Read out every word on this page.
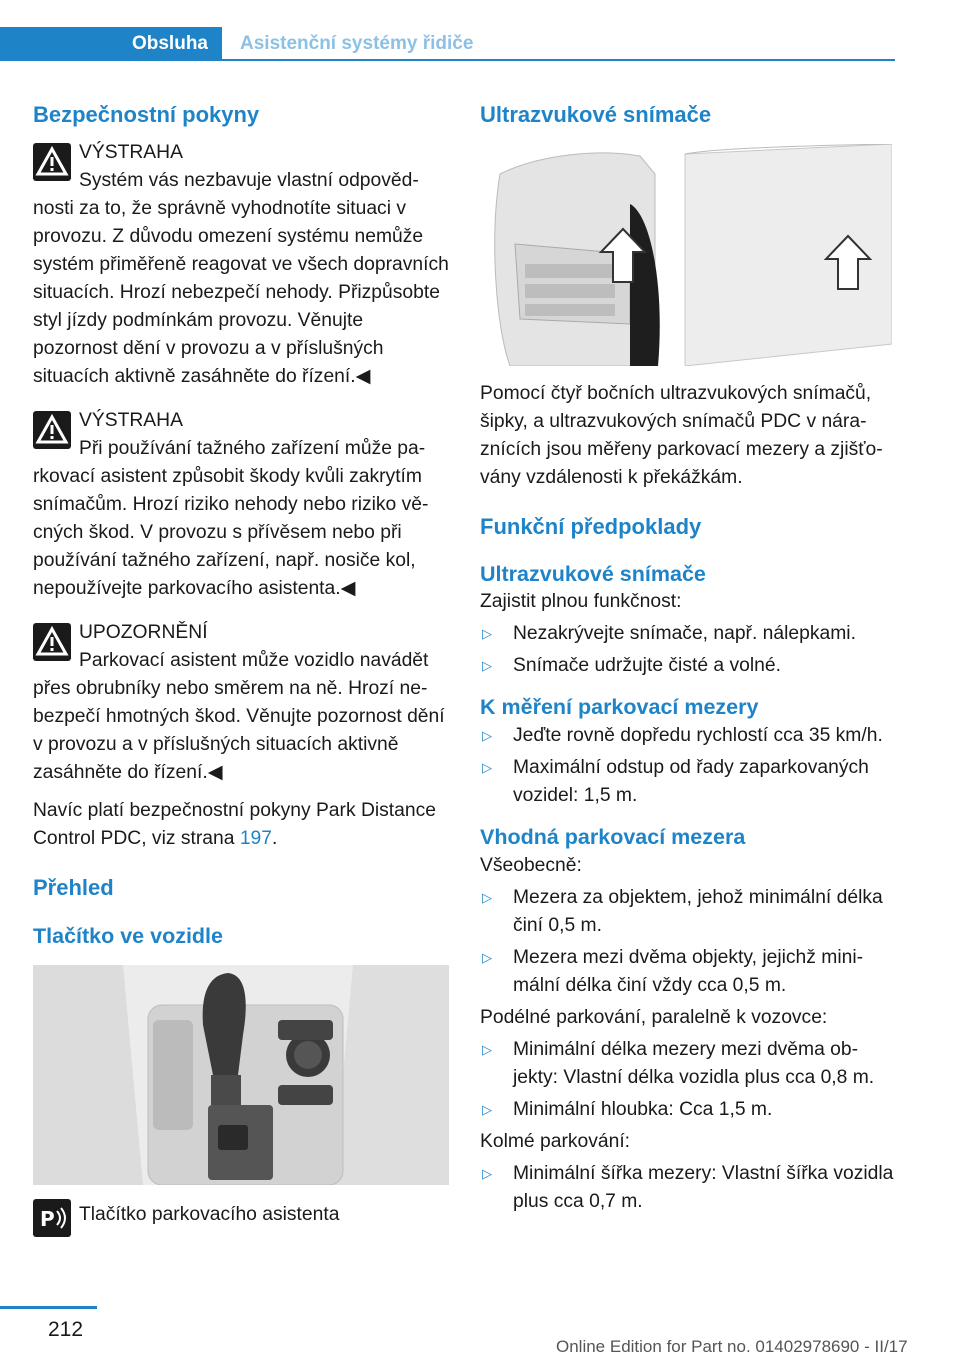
Obsluha	Asistenční systémy řidiče
Bezpečnostní pokyny

VÝSTRAHA

Systém vás nezbavuje vlastní odpovědnosti za to, že správně vyhodnotíte situaci v provozu. Z důvodu omezení systému nemůže systém přiměřeně reagovat ve všech dopravních situacích. Hrozí nebezpečí nehody. Přizpůsobte styl jízdy podmínkám provozu. Věnujte pozornost dění v provozu a v příslušných situacích aktivně zasáhněte do řízení.◀

VÝSTRAHA

Při používání tažného zařízení může parkovací asistent způsobit škody kvůli zakrytím snímačům. Hrozí riziko nehody nebo riziko věcných škod. V provozu s přívěsem nebo při používání tažného zařízení, např. nosiče kol, nepoužívejte parkovacího asistenta.◀

UPOZORNĚNÍ

Parkovací asistent může vozidlo navádět přes obrubníky nebo směrem na ně. Hrozí nebezpečí hmotných škod. Věnujte pozornost dění v provozu a v příslušných situacích aktivně zasáhněte do řízení.◀

Navíc platí bezpečnostní pokyny Park Distance Control PDC, viz strana 197.

Přehled
Tlačítko ve vozidle
P Tlačítko parkovacího asistenta

Ultrazvukové snímače

Pomocí čtyř bočních ultrazvukových snímačů, šipky, a ultrazvukových snímačů PDC v náraznících jsou měřeny parkovací mezery a zjišťovány vzdálenosti k překážkám.

Funkční předpoklady
Ultrazvukové snímače

Zajistit plnou funkčnost:

▷ Nezakrývejte snímače, např. nálepkami.
▷ Snímače udržujte čisté a volné.
K měření parkovací mezery
▷ Jeďte rovně dopředu rychlostí cca 35 km/h.
▷ Maximální odstup od řady zaparkovaných vozidel: 1,5 m.
Vhodná parkovací mezera

Všeobecně:

▷ Mezera za objektem, jehož minimální délka činí 0,5 m.
▷ Mezera mezi dvěma objekty, jejichž minimální délka činí vždy cca 0,5 m.

Podélné parkování, paralelně k vozovce:

▷ Minimální délka mezery mezi dvěma objekty: Vlastní délka vozidla plus cca 0,8 m.
▷ Minimální hloubka: Cca 1,5 m.

Kolmé parkování:

▷ Minimální šířka mezery: Vlastní šířka vozidla plus cca 0,7 m.
212
Online Edition for Part no. 01402978690 - II/17
